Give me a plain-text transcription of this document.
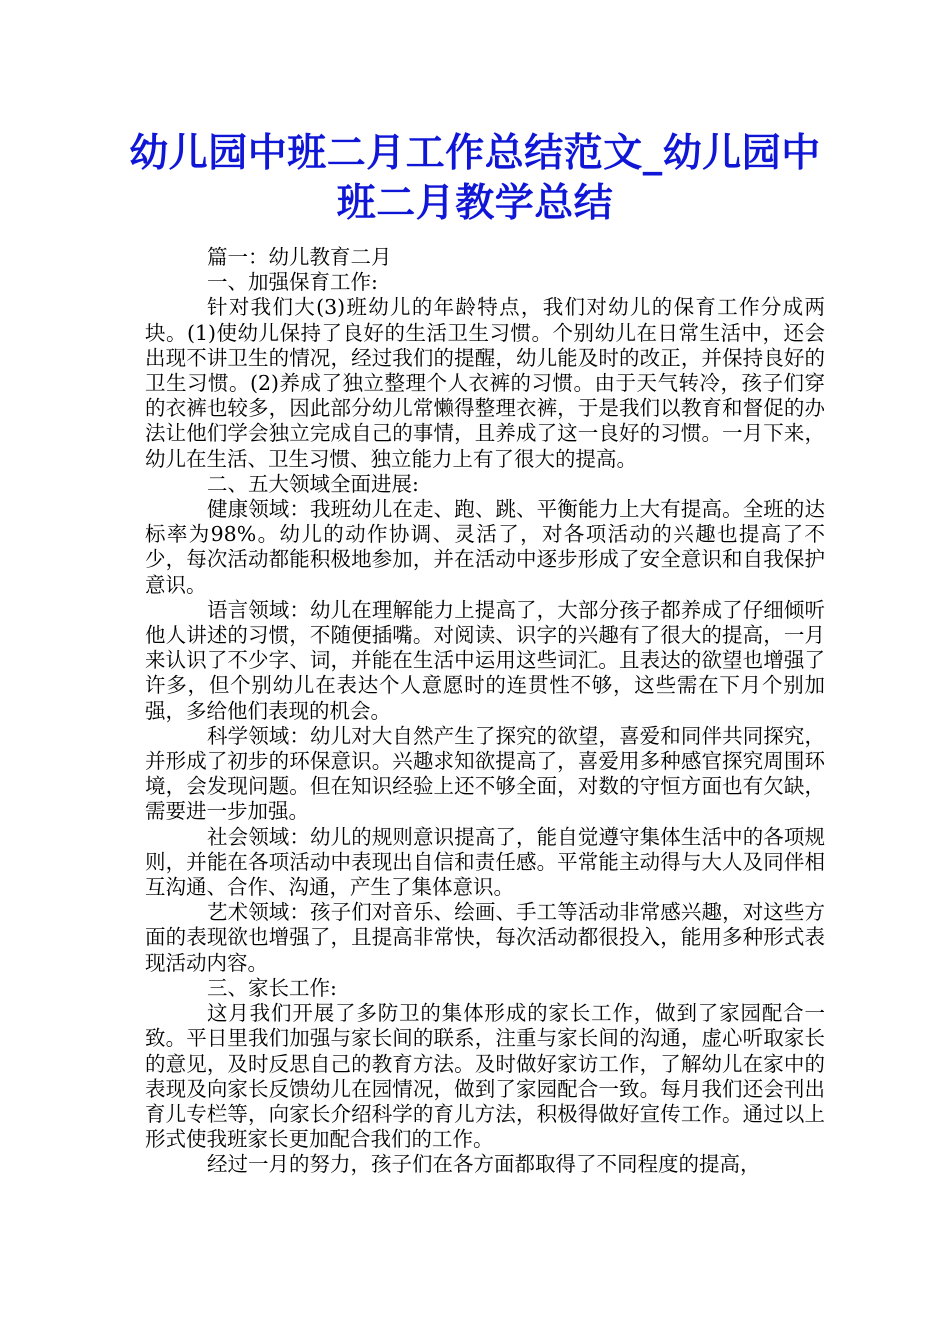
幼儿园中班二月工作总结范文_幼儿园中班二月教学总结

篇一：幼儿教育二月

一、加强保育工作:

针对我们大(3)班幼儿的年龄特点，我们对幼儿的保育工作分成两块。(1)使幼儿保持了良好的生活卫生习惯。个别幼儿在日常生活中，还会出现不讲卫生的情况，经过我们的提醒，幼儿能及时的改正，并保持良好的卫生习惯。(2)养成了独立整理个人衣裤的习惯。由于天气转冷，孩子们穿的衣裤也较多，因此部分幼儿常懒得整理衣裤，于是我们以教育和督促的办法让他们学会独立完成自己的事情，且养成了这一良好的习惯。一月下来，幼儿在生活、卫生习惯、独立能力上有了很大的提高。

二、五大领域全面进展:

健康领域：我班幼儿在走、跑、跳、平衡能力上大有提高。全班的达标率为98%。幼儿的动作协调、灵活了，对各项活动的兴趣也提高了不少，每次活动都能积极地参加，并在活动中逐步形成了安全意识和自我保护意识。

语言领域：幼儿在理解能力上提高了，大部分孩子都养成了仔细倾听他人讲述的习惯，不随便插嘴。对阅读、识字的兴趣有了很大的提高，一月来认识了不少字、词，并能在生活中运用这些词汇。且表达的欲望也增强了许多，但个别幼儿在表达个人意愿时的连贯性不够，这些需在下月个别加强，多给他们表现的机会。

科学领域：幼儿对大自然产生了探究的欲望，喜爱和同伴共同探究，并形成了初步的环保意识。兴趣求知欲提高了，喜爱用多种感官探究周围环境，会发现问题。但在知识经验上还不够全面，对数的守恒方面也有欠缺，需要进一步加强。

社会领域：幼儿的规则意识提高了，能自觉遵守集体生活中的各项规则，并能在各项活动中表现出自信和责任感。平常能主动得与大人及同伴相互沟通、合作、沟通，产生了集体意识。

艺术领域：孩子们对音乐、绘画、手工等活动非常感兴趣，对这些方面的表现欲也增强了，且提高非常快，每次活动都很投入，能用多种形式表现活动内容。

三、家长工作:

这月我们开展了多防卫的集体形成的家长工作，做到了家园配合一致。平日里我们加强与家长间的联系，注重与家长间的沟通，虚心听取家长的意见，及时反思自己的教育方法。及时做好家访工作，了解幼儿在家中的表现及向家长反馈幼儿在园情况，做到了家园配合一致。每月我们还会刊出育儿专栏等，向家长介绍科学的育儿方法，积极得做好宣传工作。通过以上形式使我班家长更加配合我们的工作。

经过一月的努力，孩子们在各方面都取得了不同程度的提高，
